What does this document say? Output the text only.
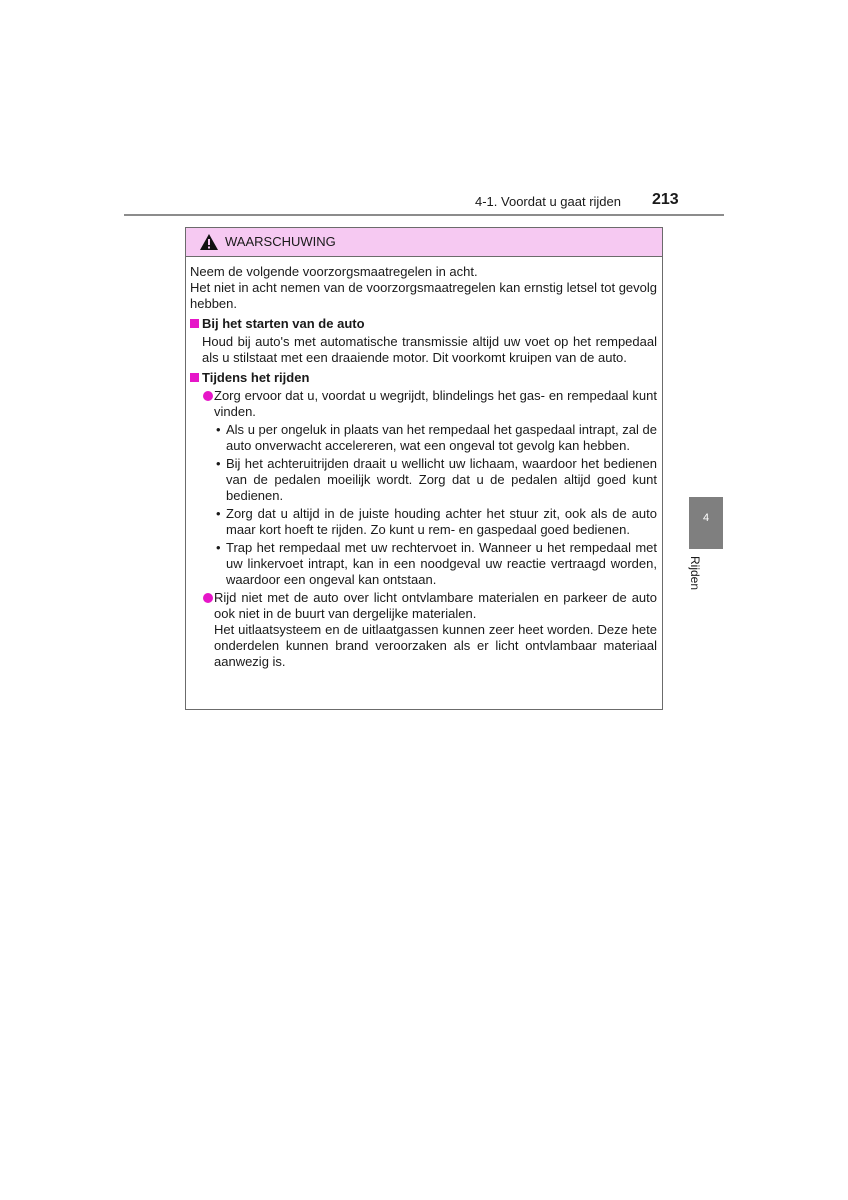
4-1. Voordat u gaat rijden 213
4
Rijden
WAARSCHUWING

Neem de volgende voorzorgsmaatregelen in acht.

Het niet in acht nemen van de voorzorgsmaatregelen kan ernstig letsel tot gevolg hebben.

Bij het starten van de auto

Houd bij auto's met automatische transmissie altijd uw voet op het rempedaal als u stilstaat met een draaiende motor. Dit voorkomt kruipen van de auto.

Tijdens het rijden

Zorg ervoor dat u, voordat u wegrijdt, blindelings het gas- en rempedaal kunt vinden.
• Als u per ongeluk in plaats van het rempedaal het gaspedaal intrapt, zal de auto onverwacht accelereren, wat een ongeval tot gevolg kan hebben.
• Bij het achteruitrijden draait u wellicht uw lichaam, waardoor het bedienen van de pedalen moeilijk wordt. Zorg dat u de pedalen altijd goed kunt bedienen.
• Zorg dat u altijd in de juiste houding achter het stuur zit, ook als de auto maar kort hoeft te rijden. Zo kunt u rem- en gaspedaal goed bedienen.
• Trap het rempedaal met uw rechtervoet in. Wanneer u het rempedaal met uw linkervoet intrapt, kan in een noodgeval uw reactie vertraagd worden, waardoor een ongeval kan ontstaan.
Rijd niet met de auto over licht ontvlambare materialen en parkeer de auto ook niet in de buurt van dergelijke materialen.

Het uitlaatsysteem en de uitlaatgassen kunnen zeer heet worden. Deze hete onderdelen kunnen brand veroorzaken als er licht ontvlambaar materiaal aanwezig is.
